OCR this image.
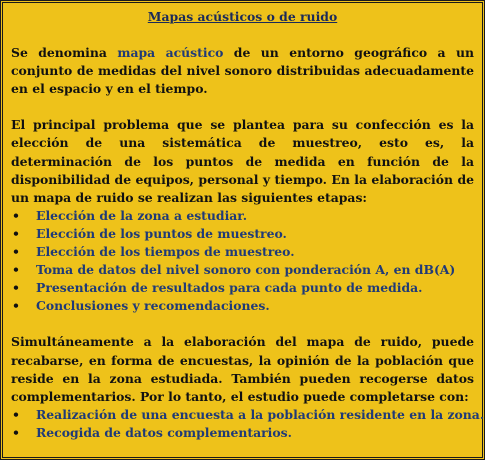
Mapas acústicos o de ruido

Se denomina mapa acústico de un entorno geográfico a un conjunto de medidas del nivel sonoro distribuidas adecuadamente en el espacio y en el tiempo.

El principal problema que se plantea para su confección es la elección de una sistemática de muestreo, esto es, la determinación de los puntos de medida en función de la disponibilidad de equipos, personal y tiempo. En la elaboración de un mapa de ruido se realizan las siguientes etapas:

• Elección de la zona a estudiar.
• Elección de los puntos de muestreo.
• Elección de los tiempos de muestreo.
• Toma de datos del nivel sonoro con ponderación A, en dB(A)
• Presentación de resultados para cada punto de medida.
• Conclusiones y recomendaciones.

Simultáneamente a la elaboración del mapa de ruido, puede recabarse, en forma de encuestas, la opinión de la población que reside en la zona estudiada. También pueden recogerse datos complementarios. Por lo tanto, el estudio puede completarse con:

• Realización de una encuesta a la población residente en la zona.
• Recogida de datos complementarios.
